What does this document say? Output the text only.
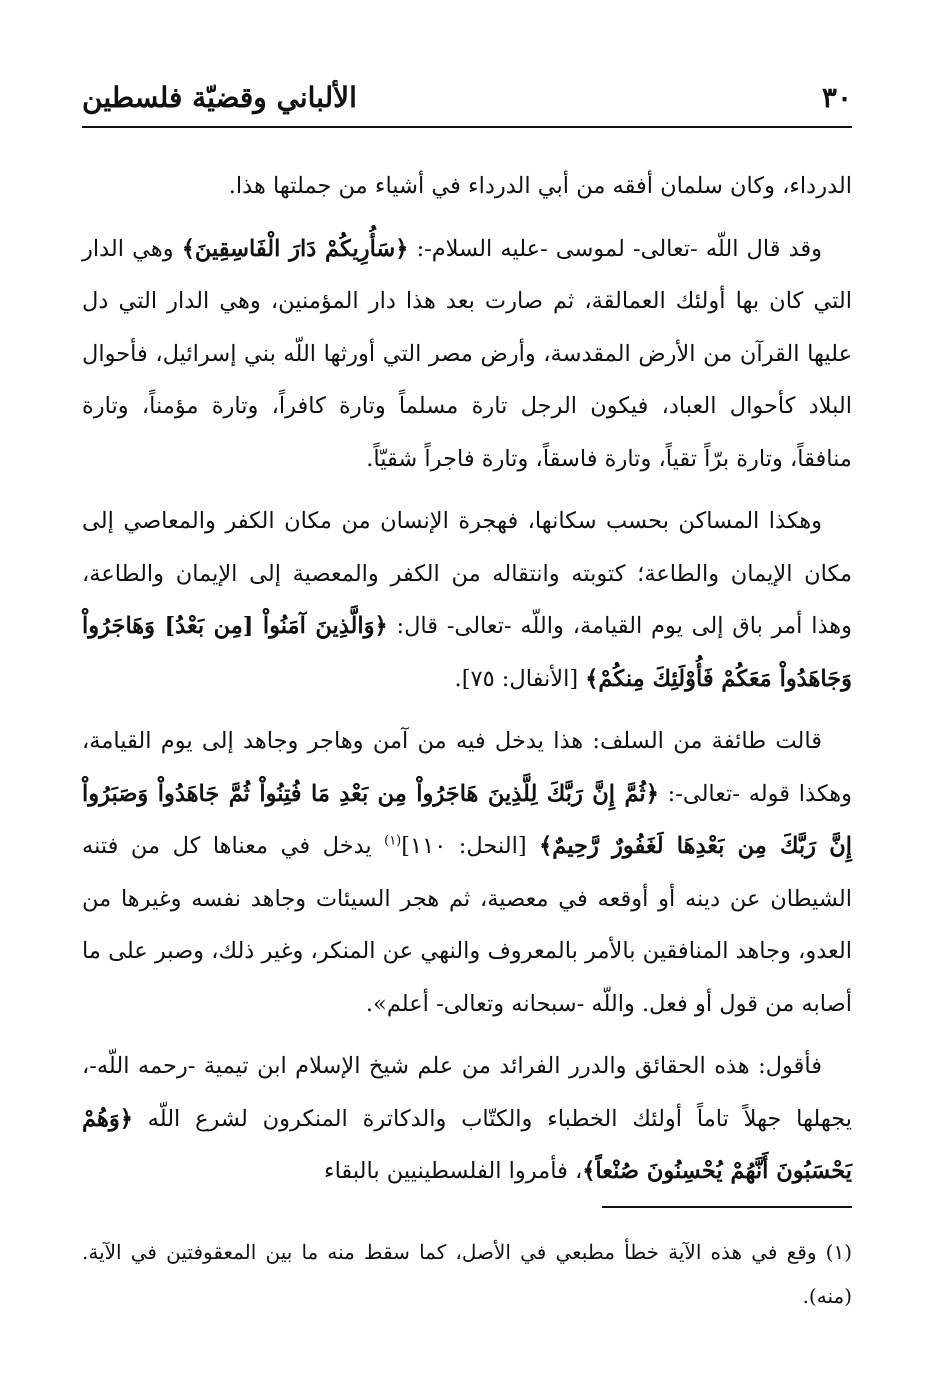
٣٠
الألباني وقضيّة فلسطين

الدرداء، وكان سلمان أفقه من أبي الدرداء في أشياء من جملتها هذا.

وقد قال اللّه -تعالى- لموسى -عليه السلام-: ﴿سَأُرِيكُمْ دَارَ الْفَاسِقِينَ﴾ وهي الدار التي كان بها أولئك العمالقة، ثم صارت بعد هذا دار المؤمنين، وهي الدار التي دل عليها القرآن من الأرض المقدسة، وأرض مصر التي أورثها اللّه بني إسرائيل، فأحوال البلاد كأحوال العباد، فيكون الرجل تارة مسلماً وتارة كافراً، وتارة مؤمناً، وتارة منافقاً، وتارة برّاً تقياً، وتارة فاسقاً، وتارة فاجراً شقيّاً.

وهكذا المساكن بحسب سكانها، فهجرة الإنسان من مكان الكفر والمعاصي إلى مكان الإيمان والطاعة؛ كتوبته وانتقاله من الكفر والمعصية إلى الإيمان والطاعة، وهذا أمر باق إلى يوم القيامة، واللّه -تعالى- قال: ﴿وَالَّذِينَ آمَنُواْ [مِن بَعْدُ] وَهَاجَرُواْ وَجَاهَدُواْ مَعَكُمْ فَأُوْلَئِكَ مِنكُمْ﴾ [الأنفال: ٧٥].

قالت طائفة من السلف: هذا يدخل فيه من آمن وهاجر وجاهد إلى يوم القيامة، وهكذا قوله -تعالى-: ﴿ثُمَّ إِنَّ رَبَّكَ لِلَّذِينَ هَاجَرُواْ مِن بَعْدِ مَا فُتِنُواْ ثُمَّ جَاهَدُواْ وَصَبَرُواْ إِنَّ رَبَّكَ مِن بَعْدِهَا لَغَفُورٌ رَّحِيمٌ﴾ [النحل: ١١٠]$^{(١)}$ يدخل في معناها كل من فتنه الشيطان عن دينه أو أوقعه في معصية، ثم هجر السيئات وجاهد نفسه وغيرها من العدو، وجاهد المنافقين بالأمر بالمعروف والنهي عن المنكر، وغير ذلك، وصبر على ما أصابه من قول أو فعل. واللّه -سبحانه وتعالى- أعلم».

فأقول: هذه الحقائق والدرر الفرائد من علم شيخ الإسلام ابن تيمية -رحمه اللّه-، يجهلها جهلاً تاماً أولئك الخطباء والكتّاب والدكاترة المنكرون لشرع اللّه ﴿وَهُمْ يَحْسَبُونَ أَنَّهُمْ يُحْسِنُونَ صُنْعاً﴾، فأمروا الفلسطينيين بالبقاء

(١) وقع في هذه الآية خطأ مطبعي في الأصل، كما سقط منه ما بين المعقوفتين في الآية. (منه).
